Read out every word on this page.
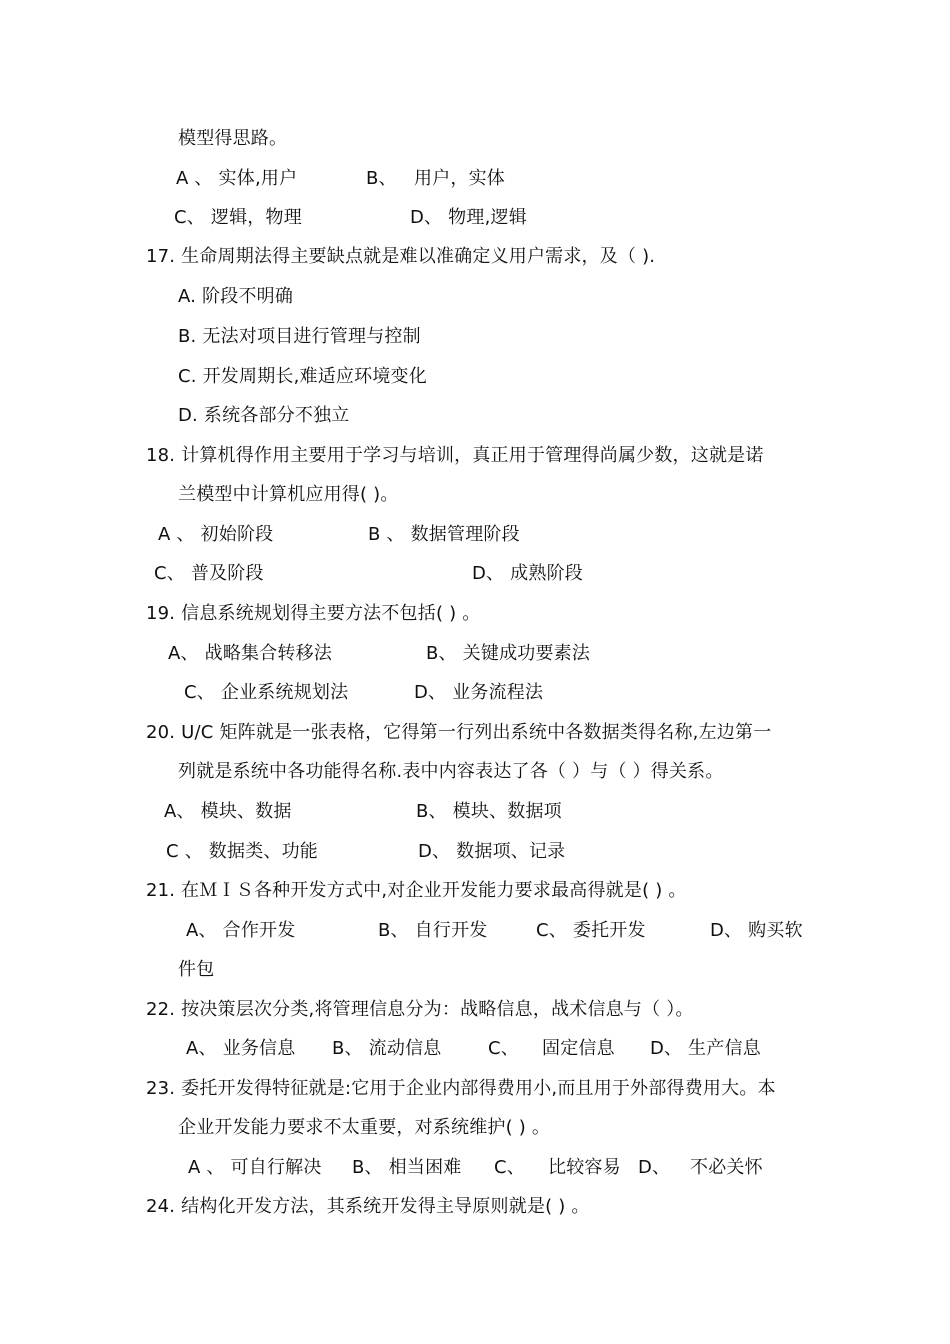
模型得思路。
A 、 实体,用户	B、 用户，实体
C、 逻辑，物理	D、 物理,逻辑
17. 生命周期法得主要缺点就是难以准确定义用户需求，及（ ).
A. 阶段不明确
B. 无法对项目进行管理与控制
C. 开发周期长,难适应环境变化
D. 系统各部分不独立
18. 计算机得作用主要用于学习与培训，真正用于管理得尚属少数，这就是诺
兰模型中计算机应用得( )。
A 、 初始阶段	B 、 数据管理阶段
C、 普及阶段	D、 成熟阶段
19. 信息系统规划得主要方法不包括( ) 。
A、 战略集合转移法	B、 关键成功要素法
C、 企业系统规划法	D、 业务流程法
20. U/C 矩阵就是一张表格，它得第一行列出系统中各数据类得名称,左边第一
列就是系统中各功能得名称.表中内容表达了各（ ）与（ ）得关系。
A、 模块、数据	B、 模块、数据项
C 、 数据类、功能	D、 数据项、记录
21. 在ＭＩＳ各种开发方式中,对企业开发能力要求最高得就是( ) 。
A、 合作开发	B、 自行开发	C、 委托开发	D、 购买软
件包
22. 按决策层次分类,将管理信息分为：战略信息，战术信息与（ ）。
A、 业务信息 B、 流动信息	C、 固定信息 D、 生产信息
23. 委托开发得特征就是:它用于企业内部得费用小,而且用于外部得费用大。本
企业开发能力要求不太重要，对系统维护( ) 。
A 、 可自行解决 B、 相当困难 C、 比较容易 D、 不必关怀
24. 结构化开发方法，其系统开发得主导原则就是( ) 。
